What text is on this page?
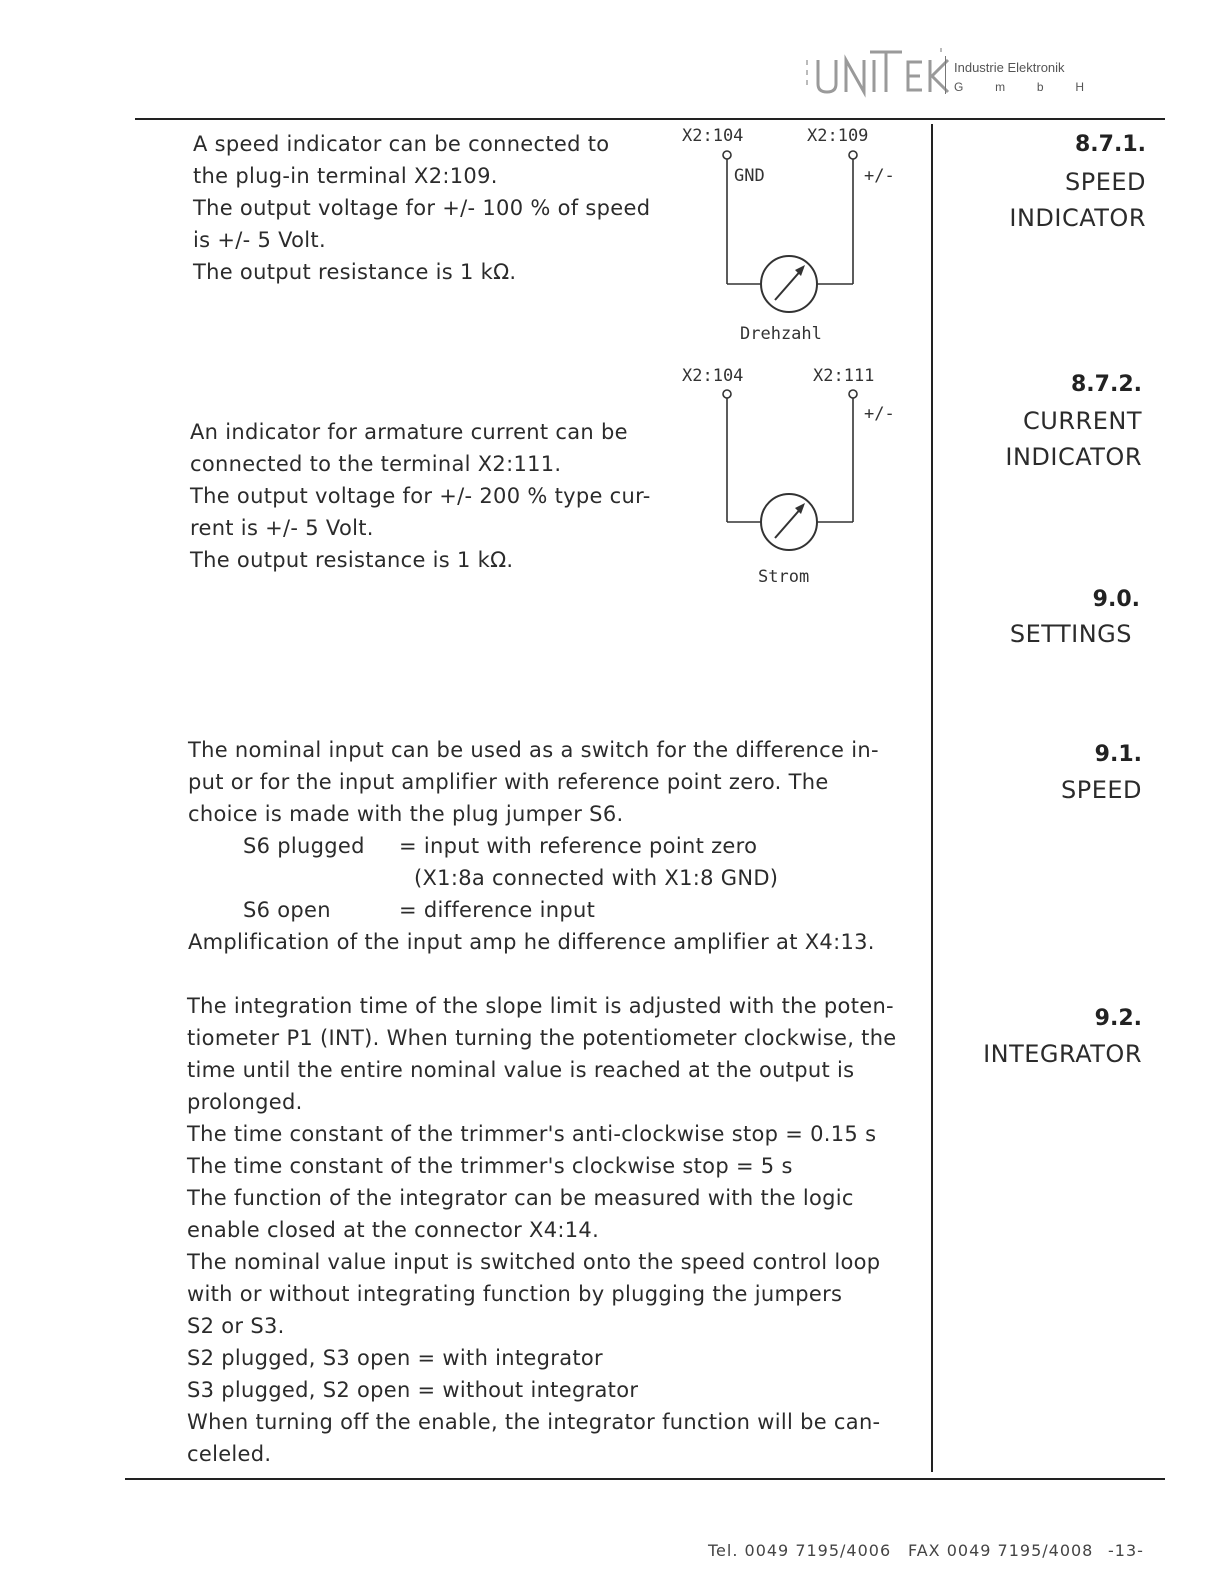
Industrie Elektronik
G	m	b	H
A speed indicator can be connected to
the plug-in terminal X2:109.
The output voltage for +/- 100 % of speed
is +/- 5 Volt.
The output resistance is 1 kΩ.
X2:104	X2:109
GND	+/-
Drehzahl
8.7.1.
SPEED
INDICATOR
An indicator for armature current can be
connected to the terminal X2:111.
The output voltage for +/- 200 % type cur-
rent is +/- 5 Volt.
The output resistance is 1 kΩ.
X2:104	X2:111
+/-
Strom
8.7.2.
CURRENT
INDICATOR
9.0.
SETTINGS
The nominal input can be used as a switch for the difference in-
put or for the input amplifier with reference point zero. The
choice is made with the plug jumper S6.
S6 plugged = input with reference point zero
(X1:8a connected with X1:8 GND)
S6 open	= difference input
Amplification of the input amp he difference amplifier at X4:13.
9.1.
SPEED
The integration time of the slope limit is adjusted with the poten-
tiometer P1 (INT). When turning the potentiometer clockwise, the
time until the entire nominal value is reached at the output is
prolonged.
The time constant of the trimmer's anti-clockwise stop = 0.15 s
The time constant of the trimmer's clockwise stop = 5 s
The function of the integrator can be measured with the logic
enable closed at the connector X4:14.
The nominal value input is switched onto the speed control loop
with or without integrating function by plugging the jumpers
S2 or S3.
S2 plugged, S3 open = with integrator
S3 plugged, S2 open = without integrator
When turning off the enable, the integrator function will be can-
celeled.
9.2.
INTEGRATOR
Tel. 0049 7195/4006 FAX 0049 7195/4008 -13-
